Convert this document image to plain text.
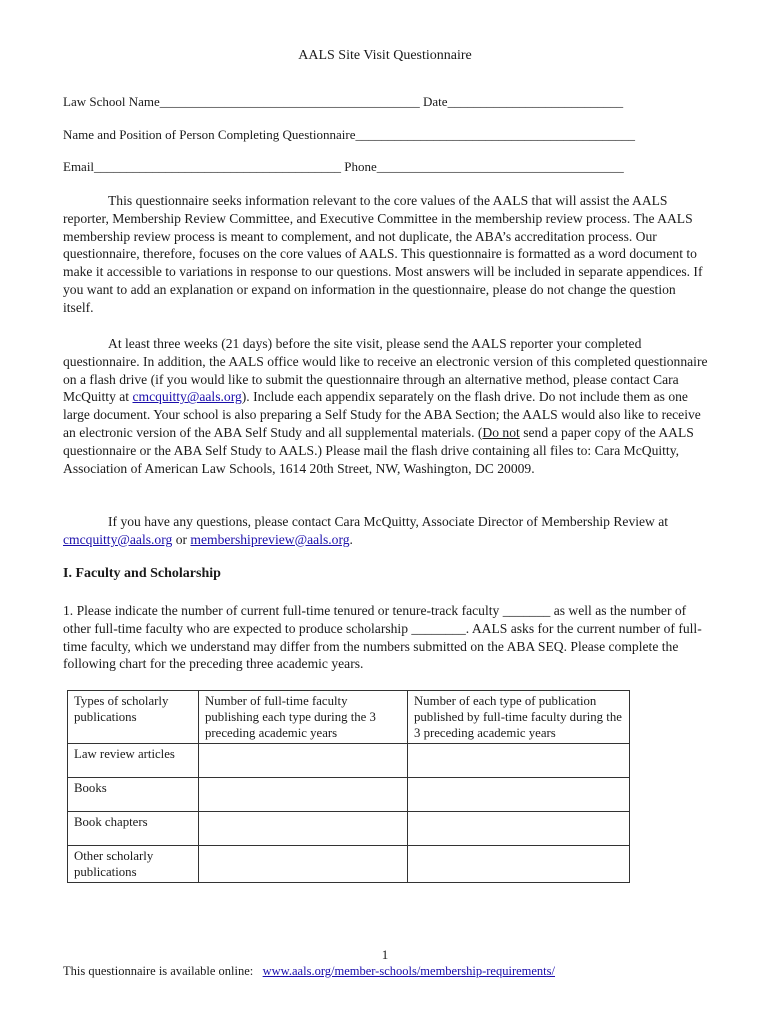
AALS Site Visit Questionnaire
Law School Name________________________________________ Date___________________________
Name and Position of Person Completing Questionnaire___________________________________________
Email______________________________________ Phone______________________________________

This questionnaire seeks information relevant to the core values of the AALS that will assist the AALS reporter, Membership Review Committee, and Executive Committee in the membership review process. The AALS membership review process is meant to complement, and not duplicate, the ABA’s accreditation process. Our questionnaire, therefore, focuses on the core values of AALS. This questionnaire is formatted as a word document to make it accessible to variations in response to our questions. Most answers will be included in separate appendices. If you want to add an explanation or expand on information in the questionnaire, please do not change the question itself.

At least three weeks (21 days) before the site visit, please send the AALS reporter your completed questionnaire. In addition, the AALS office would like to receive an electronic version of this completed questionnaire on a flash drive (if you would like to submit the questionnaire through an alternative method, please contact Cara McQuitty at cmcquitty@aals.org). Include each appendix separately on the flash drive. Do not include them as one large document. Your school is also preparing a Self Study for the ABA Section; the AALS would also like to receive an electronic version of the ABA Self Study and all supplemental materials. (Do not send a paper copy of the AALS questionnaire or the ABA Self Study to AALS.) Please mail the flash drive containing all files to: Cara McQuitty, Association of American Law Schools, 1614 20th Street, NW, Washington, DC 20009.

If you have any questions, please contact Cara McQuitty, Associate Director of Membership Review at cmcquitty@aals.org or membershipreview@aals.org.

I. Faculty and Scholarship

1. Please indicate the number of current full-time tenured or tenure-track faculty _______ as well as the number of other full-time faculty who are expected to produce scholarship ________. AALS asks for the current number of full-time faculty, which we understand may differ from the numbers submitted on the ABA SEQ. Please complete the following chart for the preceding three academic years.

Types of scholarly publications	Number of full-time faculty publishing each type during the 3 preceding academic years	Number of each type of publication published by full-time faculty during the 3 preceding academic years
Law review articles		
Books		
Book chapters		
Other scholarly publications		
1
This questionnaire is available online: www.aals.org/member-schools/membership-requirements/
